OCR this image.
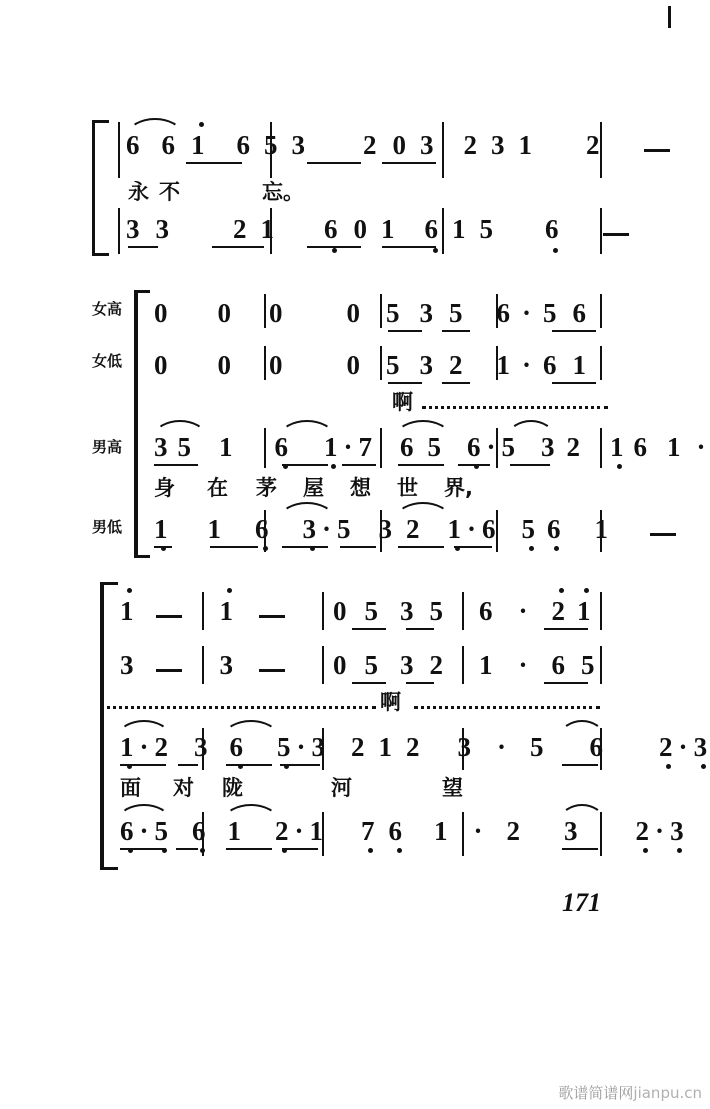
6 6 1 6 5 3 2 0 3 2 3 1 2
永 不	忘。
3 3 2 1 6 0 1 6 1 5 6

女高
女低
男高
男低
0 0 0 0 5 3 5 6 · 5 6
0 0 0 0 5 3 2 1 · 6 1
啊
3 5 1 6 1 · 7 6 5 6 · 5 3 2 1 6 1 ·
身 在 茅 屋 想 世 界,
1 1 6 3 · 5 3 2 1 · 6 5 6 1
1	1	0 5 3 5 6 · 2 1
3	3	0 5 3 2 1 · 6 5
啊
1 · 2 3 6 5 · 3 2 1 2 3 · 5 6 2 · 3
面 对 陇	河	望
6 · 5 6 1 2 · 1 7 6 1 · 2 3 2 · 3
171
歌谱简谱网jianpu.cn
